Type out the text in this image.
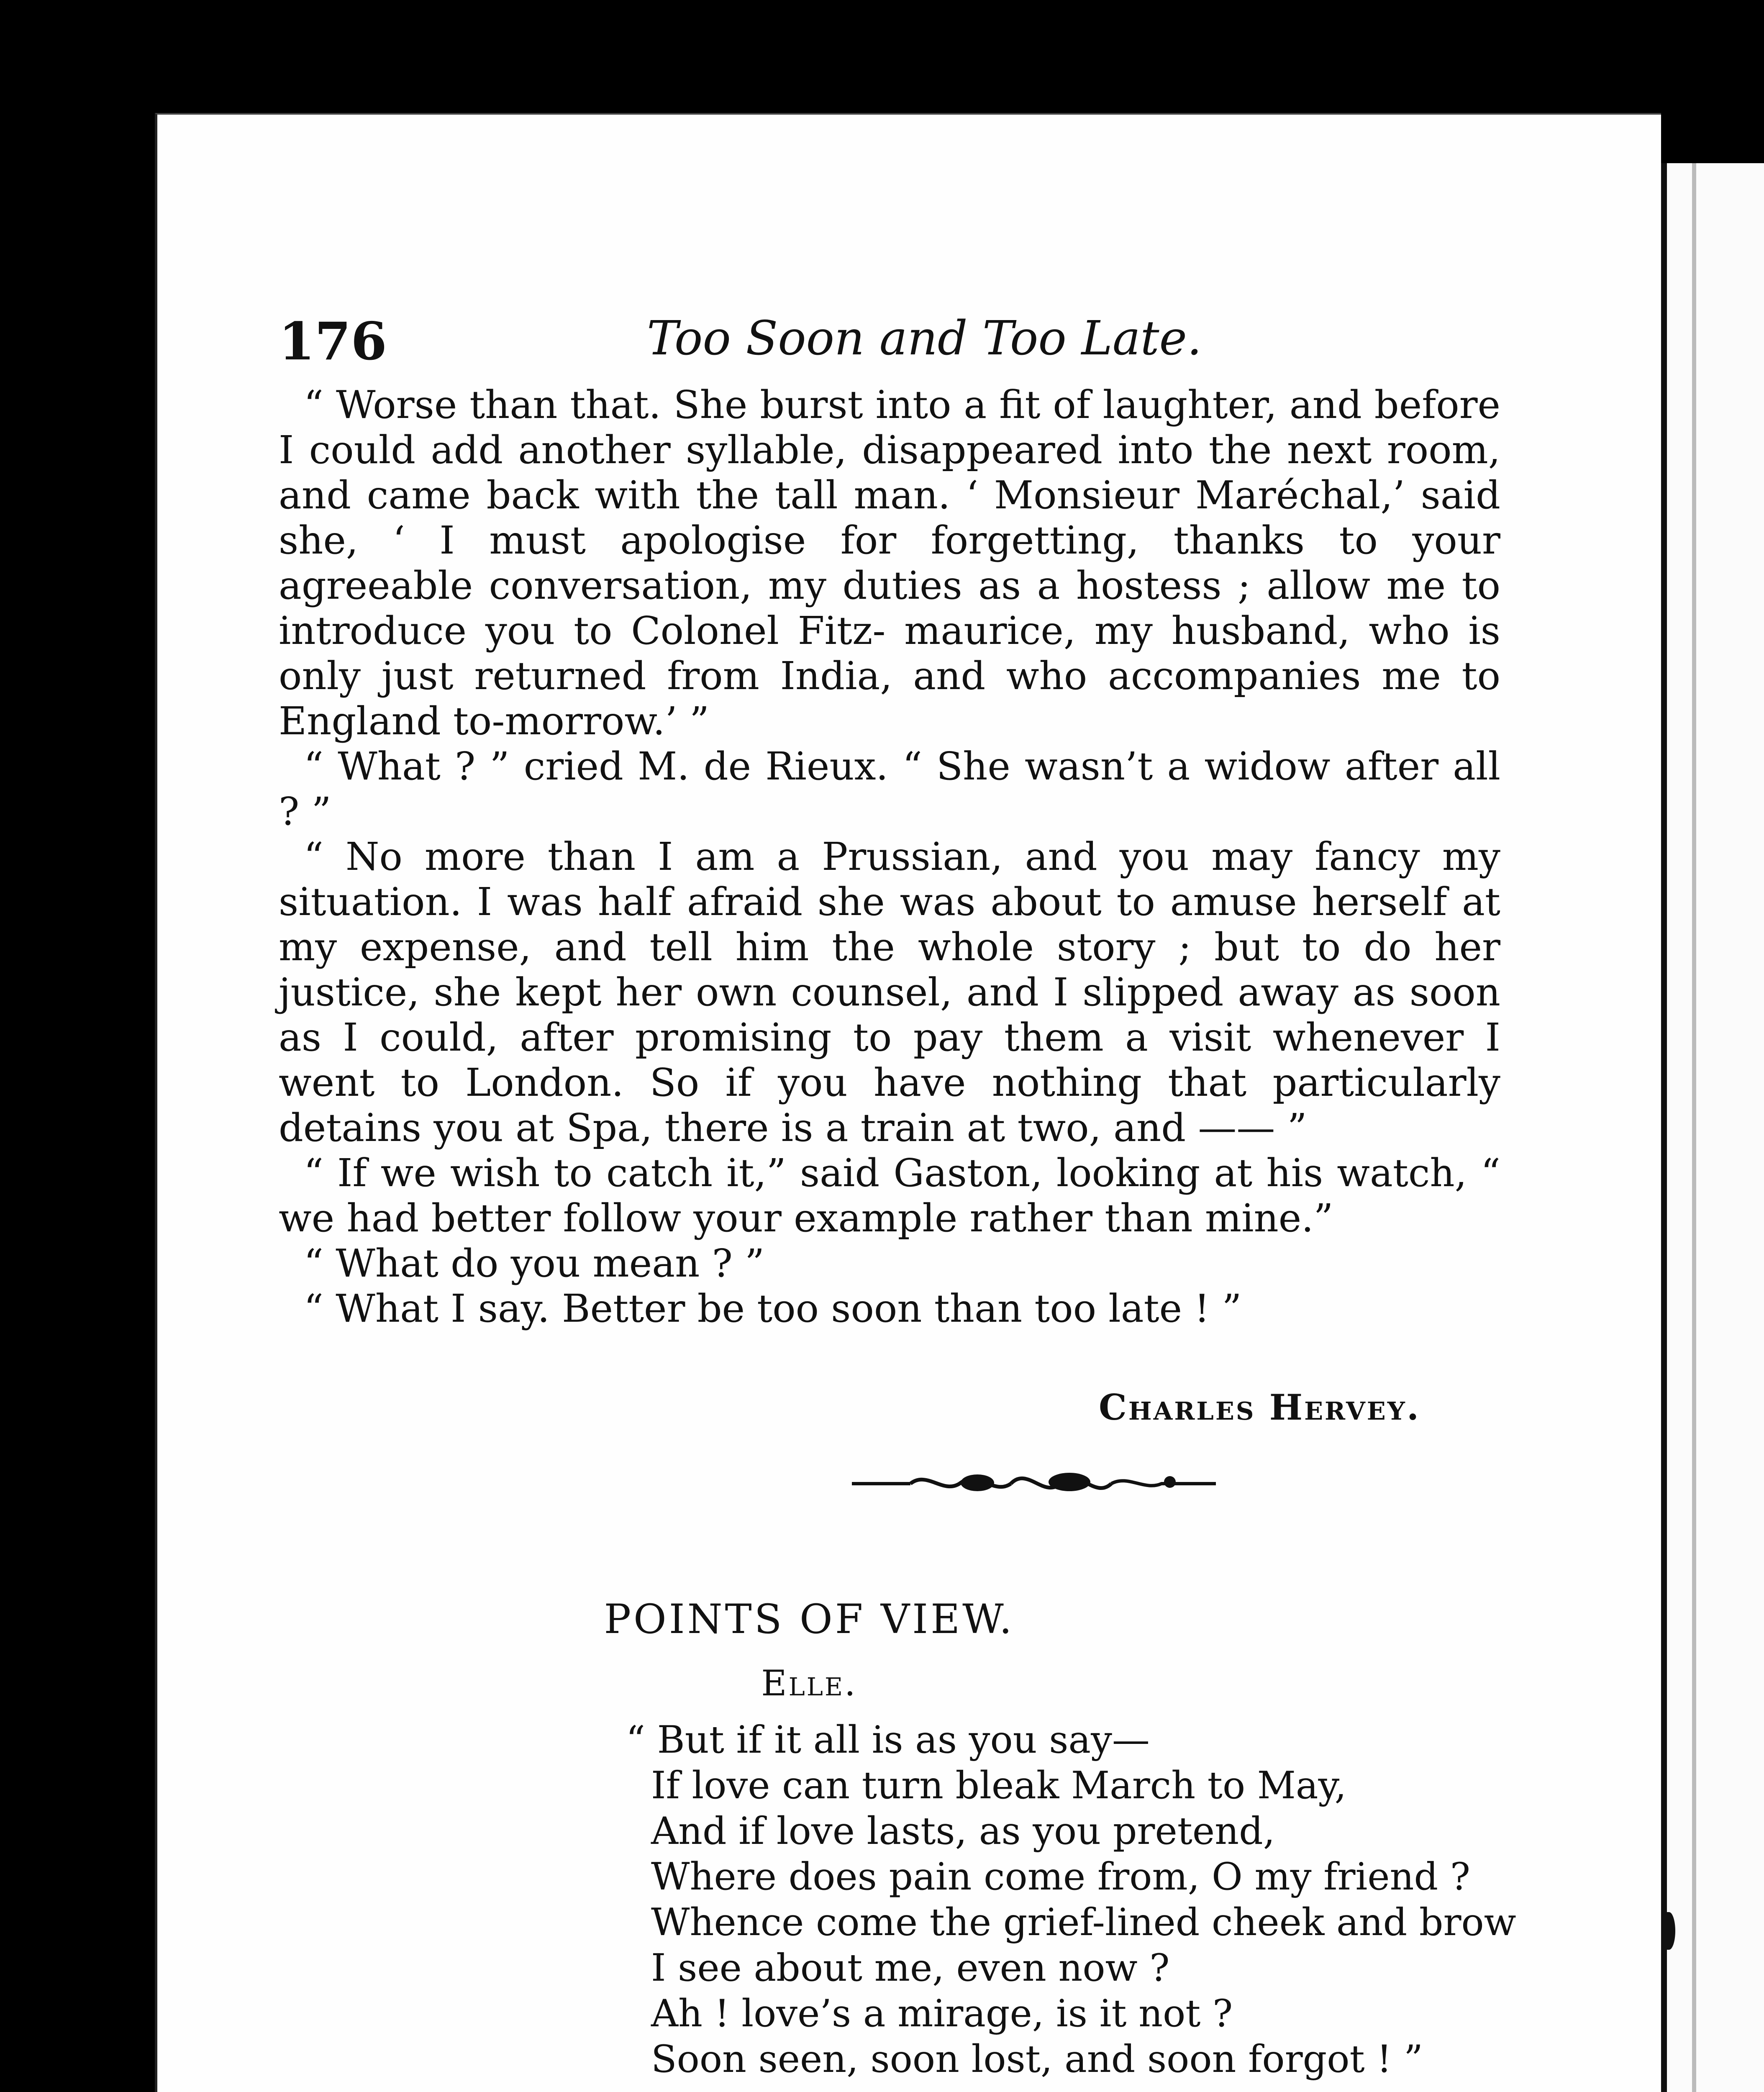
176	Too Soon and Too Late.

“ Worse than that. She burst into a fit of laughter, and before I could add another syllable, disappeared into the next room, and came back with the tall man. ‘ Monsieur Maréchal,’ said she, ‘ I must apologise for forgetting, thanks to your agreeable conversation, my duties as a hostess ; allow me to introduce you to Colonel Fitz- maurice, my husband, who is only just returned from India, and who accompanies me to England to-morrow.’ ”

“ What ? ” cried M. de Rieux. “ She wasn’t a widow after all ? ”

“ No more than I am a Prussian, and you may fancy my situation. I was half afraid she was about to amuse herself at my expense, and tell him the whole story ; but to do her justice, she kept her own counsel, and I slipped away as soon as I could, after promising to pay them a visit whenever I went to London. So if you have nothing that particularly detains you at Spa, there is a train at two, and —— ”

“ If we wish to catch it,” said Gaston, looking at his watch, “ we had better follow your example rather than mine.”

“ What do you mean ? ”

“ What I say. Better be too soon than too late ! ”

Charles Hervey.
POINTS OF VIEW.
Elle.
“ But if it all is as you say—
If love can turn bleak March to May,
And if love lasts, as you pretend,
Where does pain come from, O my friend ?
Whence come the grief-lined cheek and brow
I see about me, even now ?
Ah ! love’s a mirage, is it not ?
Soon seen, soon lost, and soon forgot ! ”
